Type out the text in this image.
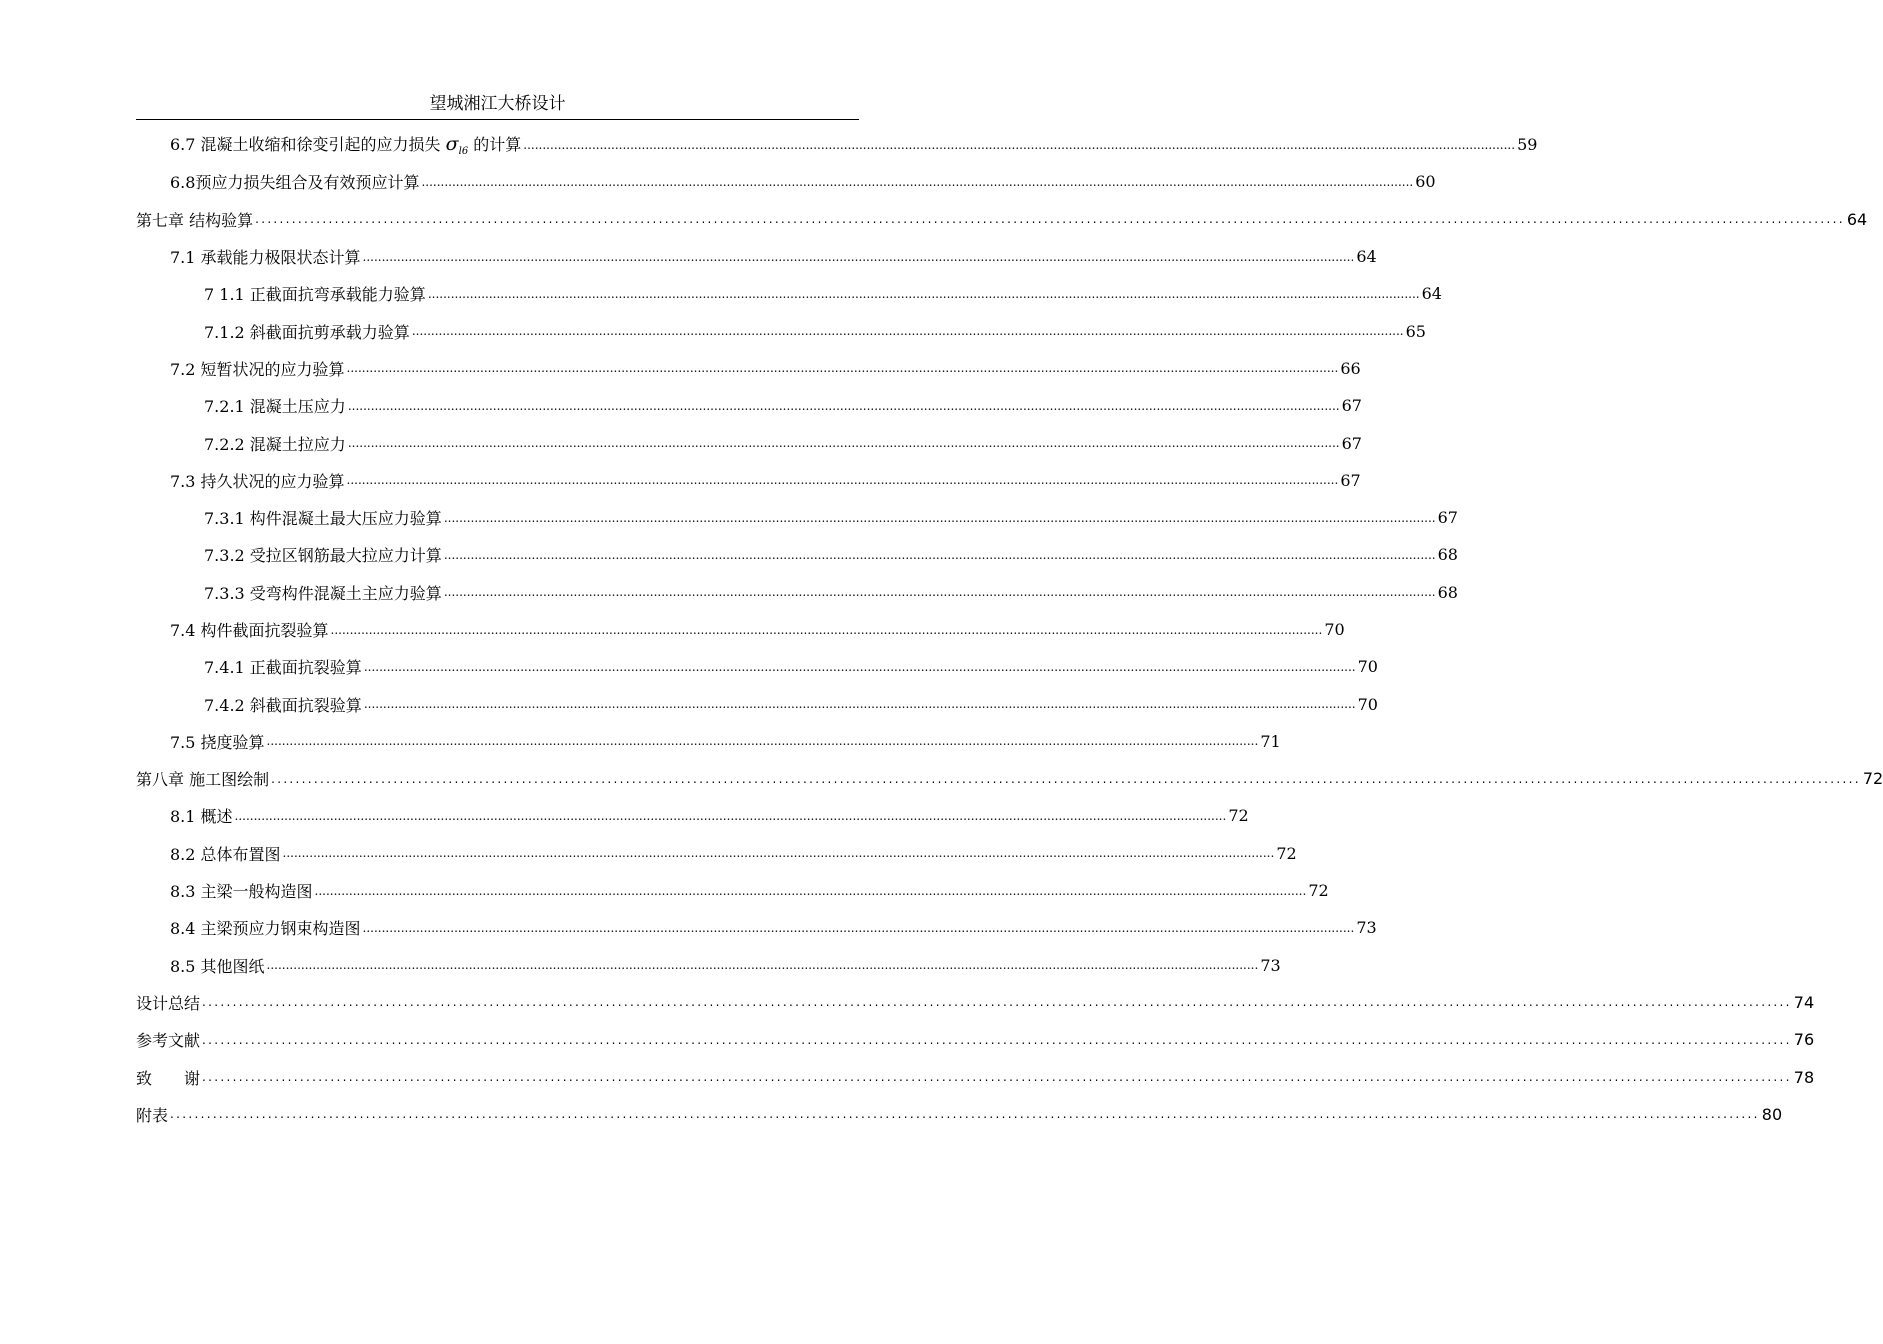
望城湘江大桥设计
6.7 混凝土收缩和徐变引起的应力损失 $\sigma_{l6}$ 的计算 .................................................................................................................................................................................................................................................................... 59
6.8预应力损失组合及有效预应计算 .................................................................................................................................................................................................................................................................... 60
第七章 结构验算 .................................................................................................................................................................................................................................................................... 64
7.1 承载能力极限状态计算 .................................................................................................................................................................................................................................................................... 64
7 1.1 正截面抗弯承载能力验算 .................................................................................................................................................................................................................................................................... 64
7.1.2 斜截面抗剪承载力验算 .................................................................................................................................................................................................................................................................... 65
7.2 短暂状况的应力验算 .................................................................................................................................................................................................................................................................... 66
7.2.1 混凝土压应力 .................................................................................................................................................................................................................................................................... 67
7.2.2 混凝土拉应力 .................................................................................................................................................................................................................................................................... 67
7.3 持久状况的应力验算 .................................................................................................................................................................................................................................................................... 67
7.3.1 构件混凝土最大压应力验算 .................................................................................................................................................................................................................................................................... 67
7.3.2 受拉区钢筋最大拉应力计算 .................................................................................................................................................................................................................................................................... 68
7.3.3 受弯构件混凝土主应力验算 .................................................................................................................................................................................................................................................................... 68
7.4 构件截面抗裂验算 .................................................................................................................................................................................................................................................................... 70
7.4.1 正截面抗裂验算 .................................................................................................................................................................................................................................................................... 70
7.4.2 斜截面抗裂验算 .................................................................................................................................................................................................................................................................... 70
7.5 挠度验算 .................................................................................................................................................................................................................................................................... 71
第八章 施工图绘制 .................................................................................................................................................................................................................................................................... 72
8.1 概述 .................................................................................................................................................................................................................................................................... 72
8.2 总体布置图 .................................................................................................................................................................................................................................................................... 72
8.3 主梁一般构造图 .................................................................................................................................................................................................................................................................... 72
8.4 主梁预应力钢束构造图 .................................................................................................................................................................................................................................................................... 73
8.5 其他图纸 .................................................................................................................................................................................................................................................................... 73
设计总结 .................................................................................................................................................................................................................................................................... 74
参考文献 .................................................................................................................................................................................................................................................................... 76
致　　谢 .................................................................................................................................................................................................................................................................... 78
附表 .................................................................................................................................................................................................................................................................... 80
